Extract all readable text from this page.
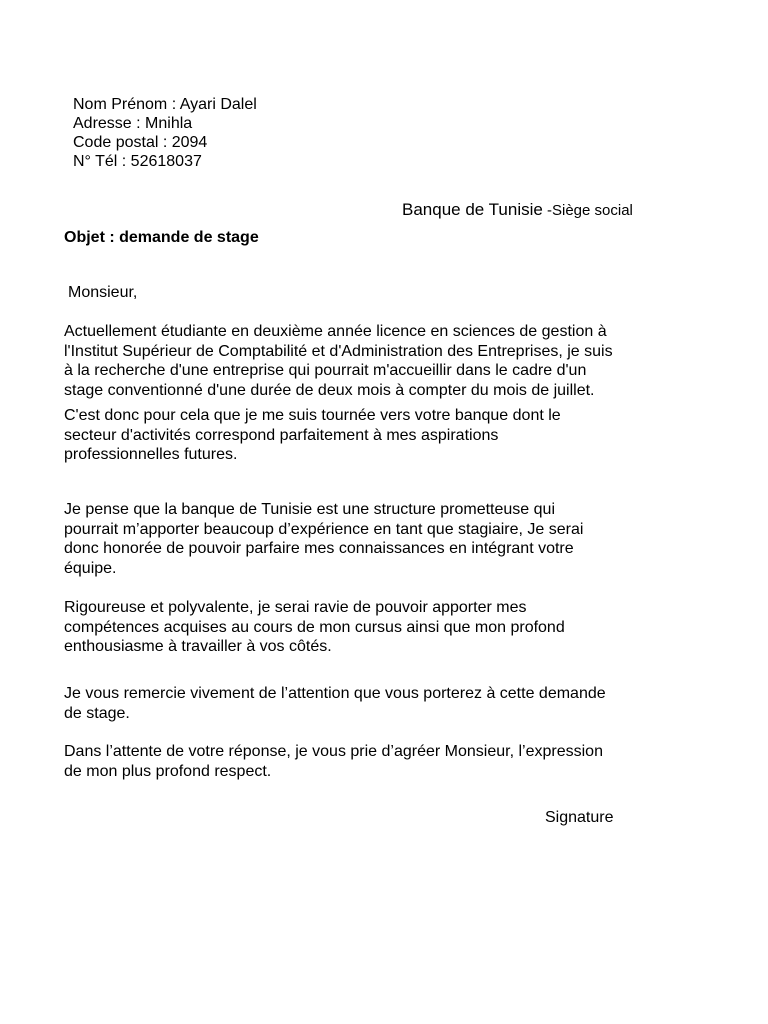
Nom Prénom : Ayari Dalel
Adresse : Mnihla
Code postal : 2094
N° Tél : 52618037
Banque de Tunisie -Siège social
Objet : demande de stage
Monsieur,
Actuellement étudiante en deuxième année licence en sciences de gestion à
l'Institut Supérieur de Comptabilité et d'Administration des Entreprises, je suis
à la recherche d'une entreprise qui pourrait m'accueillir dans le cadre d'un
stage conventionné d'une durée de deux mois à compter du mois de juillet.
C'est donc pour cela que je me suis tournée vers votre banque dont le
secteur d'activités correspond parfaitement à mes aspirations
professionnelles futures.
Je pense que la banque de Tunisie est une structure prometteuse qui
pourrait m’apporter beaucoup d’expérience en tant que stagiaire, Je serai
donc honorée de pouvoir parfaire mes connaissances en intégrant votre
équipe.
Rigoureuse et polyvalente, je serai ravie de pouvoir apporter mes
compétences acquises au cours de mon cursus ainsi que mon profond
enthousiasme à travailler à vos côtés.
Je vous remercie vivement de l’attention que vous porterez à cette demande
de stage.
Dans l’attente de votre réponse, je vous prie d’agréer Monsieur, l’expression
de mon plus profond respect.
Signature
